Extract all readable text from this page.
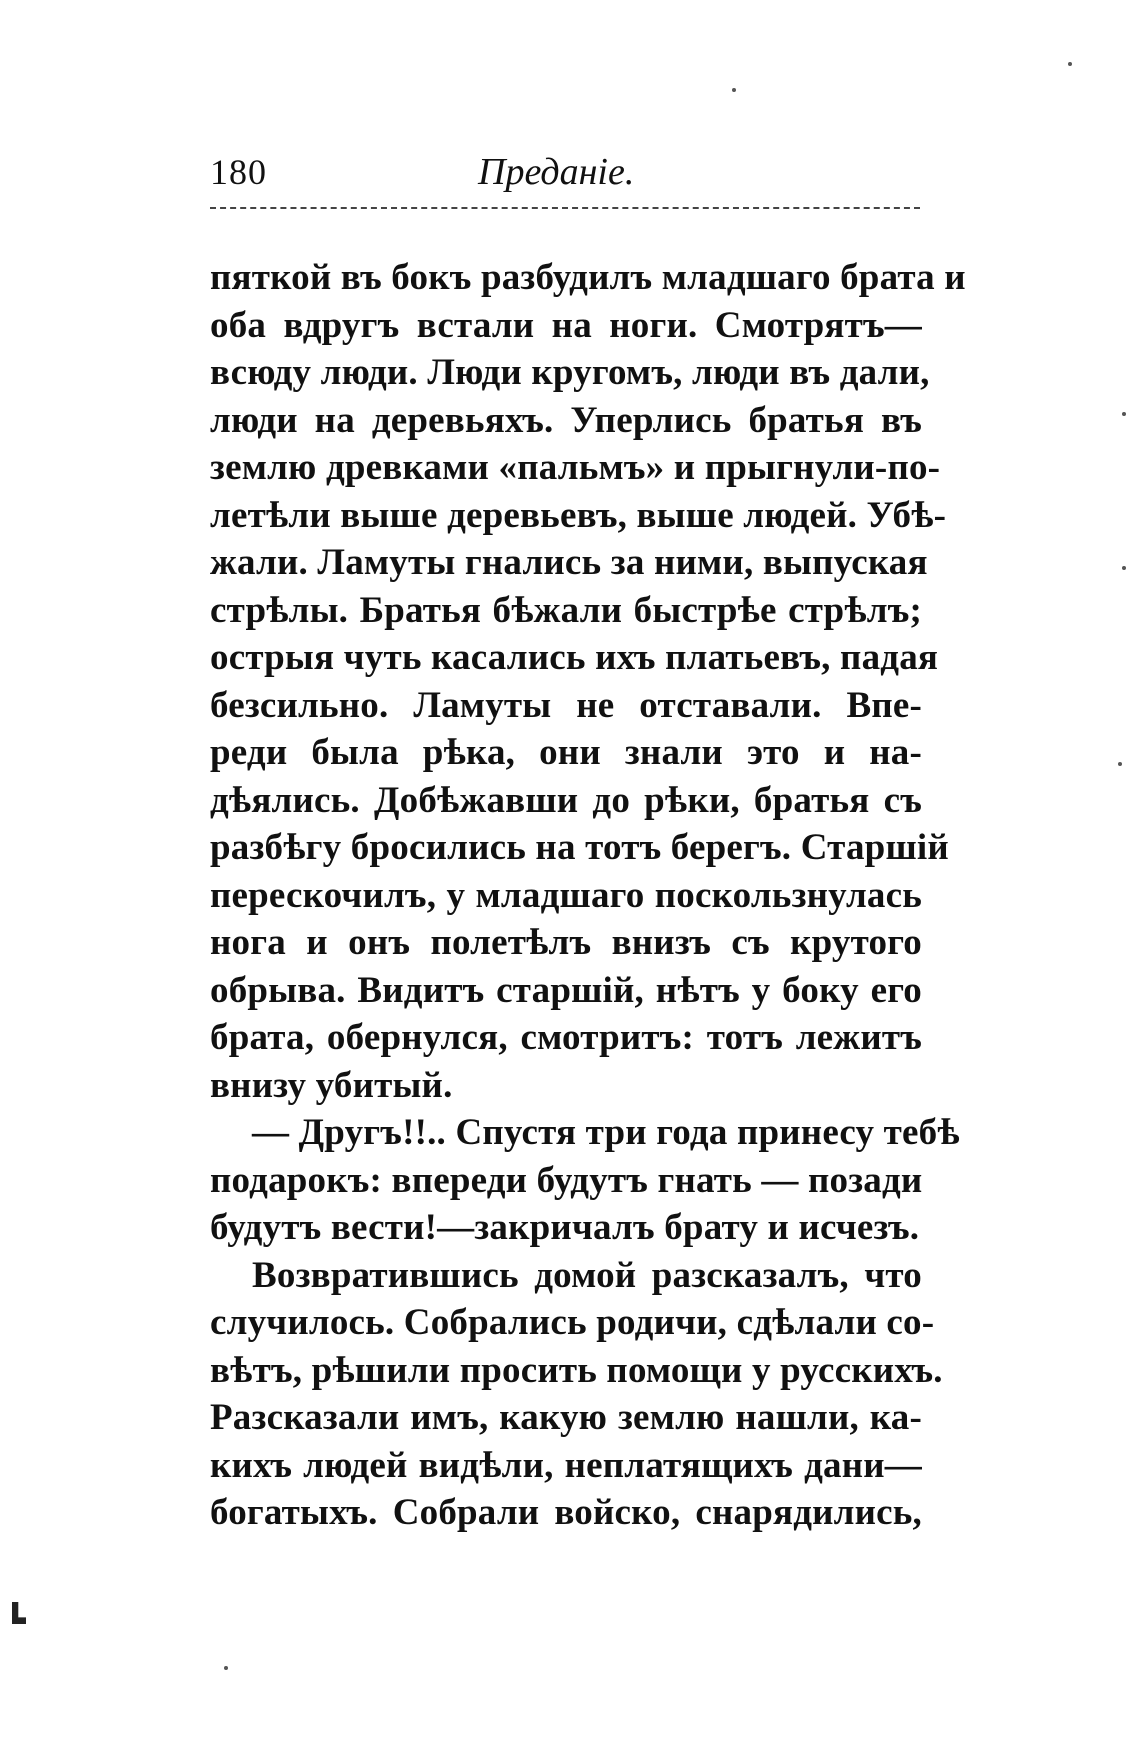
180	Преданіе.
пяткой въ бокъ разбудилъ младшаго брата и
оба вдругъ встали на ноги. Смотрятъ—
всюду люди. Люди кругомъ, люди въ дали,
люди на деревьяхъ. Уперлись братья въ
землю древками «пальмъ» и прыгнули-по-
летѣли выше деревьевъ, выше людей. Убѣ-
жали. Ламуты гнались за ними, выпуская
стрѣлы. Братья бѣжали быстрѣе стрѣлъ;
острыя чуть касались ихъ платьевъ, падая
безсильно. Ламуты не отставали. Впе-
реди была рѣка, они знали это и на-
дѣялись. Добѣжавши до рѣки, братья съ
разбѣгу бросились на тотъ берегъ. Старшій
перескочилъ, у младшаго поскользнулась
нога и онъ полетѣлъ внизъ съ крутого
обрыва. Видитъ старшій, нѣтъ у боку его
брата, обернулся, смотритъ: тотъ лежитъ
внизу убитый.
— Другъ!!.. Спустя три года принесу тебѣ
подарокъ: впереди будутъ гнать — позади
будутъ вести!—закричалъ брату и исчезъ.
Возвратившись домой разсказалъ, что
случилось. Собрались родичи, сдѣлали со-
вѣтъ, рѣшили просить помощи у русскихъ.
Разсказали имъ, какую землю нашли, ка-
кихъ людей видѣли, неплатящихъ дани—
богатыхъ. Собрали войско, снарядились,
